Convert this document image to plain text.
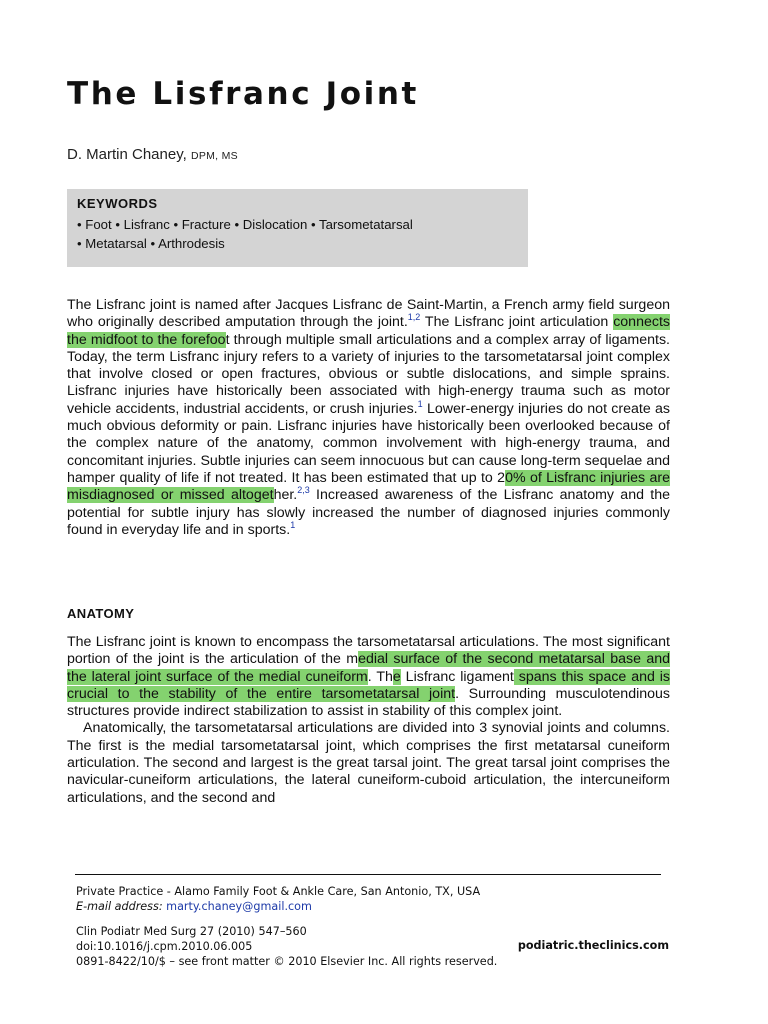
The Lisfranc Joint
D. Martin Chaney, DPM, MS
KEYWORDS
• Foot • Lisfranc • Fracture • Dislocation • Tarsometatarsal
• Metatarsal • Arthrodesis

The Lisfranc joint is named after Jacques Lisfranc de Saint-Martin, a French army field surgeon who originally described amputation through the joint.$^{1,2}$ The Lisfranc joint articulation connects the midfoot to the forefoot through multiple small articulations and a complex array of ligaments. Today, the term Lisfranc injury refers to a variety of injuries to the tarsometatarsal joint complex that involve closed or open fractures, obvious or subtle dislocations, and simple sprains. Lisfranc injuries have historically been associated with high-energy trauma such as motor vehicle accidents, industrial accidents, or crush injuries.$^1$ Lower-energy injuries do not create as much obvious deformity or pain. Lisfranc injuries have historically been overlooked because of the complex nature of the anatomy, common involvement with high-energy trauma, and concomitant injuries. Subtle injuries can seem innocuous but can cause long-term sequelae and hamper quality of life if not treated. It has been estimated that up to 20% of Lisfranc injuries are misdiagnosed or missed altogether.$^{2,3}$ Increased awareness of the Lisfranc anatomy and the potential for subtle injury has slowly increased the number of diagnosed injuries commonly found in everyday life and in sports.$^1$

ANATOMY

The Lisfranc joint is known to encompass the tarsometatarsal articulations. The most significant portion of the joint is the articulation of the medial surface of the second metatarsal base and the lateral joint surface of the medial cuneiform. The Lisfranc ligament spans this space and is crucial to the stability of the entire tarsometatarsal joint. Surrounding musculotendinous structures provide indirect stabilization to assist in stability of this complex joint.

Anatomically, the tarsometatarsal articulations are divided into 3 synovial joints and columns. The first is the medial tarsometatarsal joint, which comprises the first metatarsal cuneiform articulation. The second and largest is the great tarsal joint. The great tarsal joint comprises the navicular-cuneiform articulations, the lateral cuneiform-cuboid articulation, the intercuneiform articulations, and the second and

Private Practice - Alamo Family Foot & Ankle Care, San Antonio, TX, USA
E-mail address: marty.chaney@gmail.com
Clin Podiatr Med Surg 27 (2010) 547–560
doi:10.1016/j.cpm.2010.06.005
0891-8422/10/$ – see front matter © 2010 Elsevier Inc. All rights reserved.
podiatric.theclinics.com
